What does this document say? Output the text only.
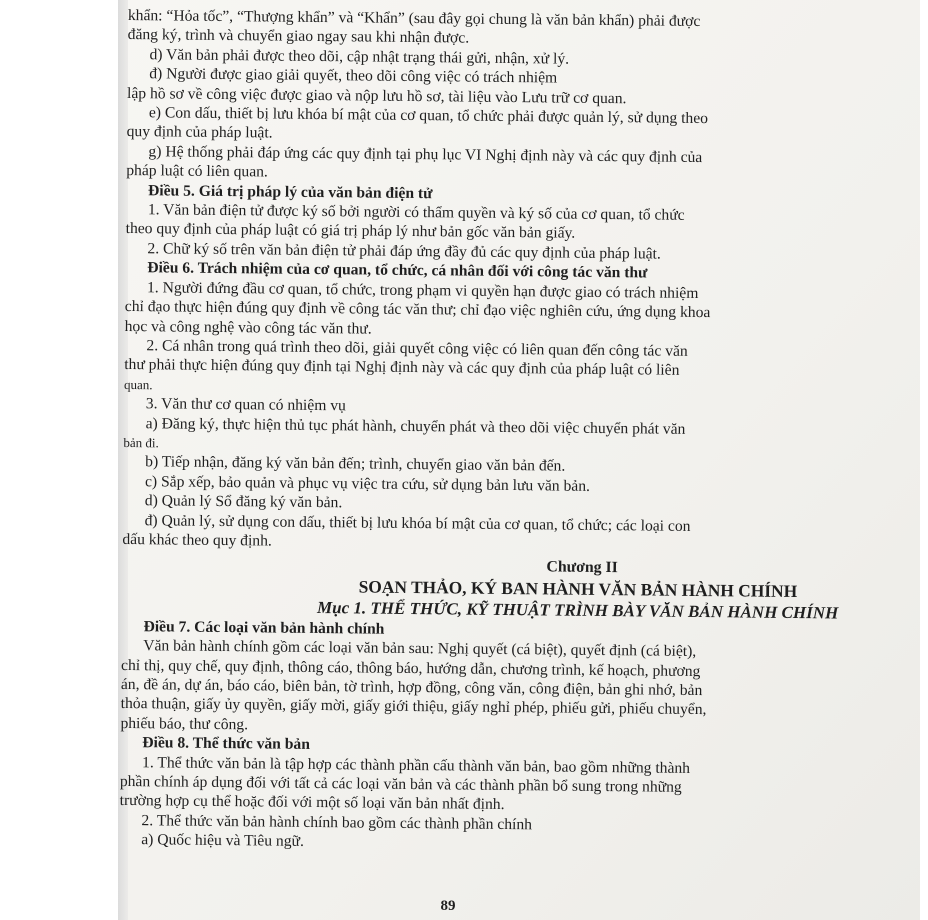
khẩn: “Hỏa tốc”, “Thượng khẩn” và “Khẩn” (sau đây gọi chung là văn bản khẩn) phải được

đăng ký, trình và chuyển giao ngay sau khi nhận được.

d) Văn bản phải được theo dõi, cập nhật trạng thái gửi, nhận, xử lý.

đ) Người được giao giải quyết, theo dõi công việc có trách nhiệm

lập hồ sơ về công việc được giao và nộp lưu hồ sơ, tài liệu vào Lưu trữ cơ quan.

e) Con dấu, thiết bị lưu khóa bí mật của cơ quan, tổ chức phải được quản lý, sử dụng theo

quy định của pháp luật.

g) Hệ thống phải đáp ứng các quy định tại phụ lục VI Nghị định này và các quy định của

pháp luật có liên quan.

Điều 5. Giá trị pháp lý của văn bản điện tử

1. Văn bản điện tử được ký số bởi người có thẩm quyền và ký số của cơ quan, tổ chức

theo quy định của pháp luật có giá trị pháp lý như bản gốc văn bản giấy.

2. Chữ ký số trên văn bản điện tử phải đáp ứng đầy đủ các quy định của pháp luật.

Điều 6. Trách nhiệm của cơ quan, tổ chức, cá nhân đối với công tác văn thư

1. Người đứng đầu cơ quan, tổ chức, trong phạm vi quyền hạn được giao có trách nhiệm

chỉ đạo thực hiện đúng quy định về công tác văn thư; chỉ đạo việc nghiên cứu, ứng dụng khoa

học và công nghệ vào công tác văn thư.

2. Cá nhân trong quá trình theo dõi, giải quyết công việc có liên quan đến công tác văn

thư phải thực hiện đúng quy định tại Nghị định này và các quy định của pháp luật có liên

quan.

3. Văn thư cơ quan có nhiệm vụ

a) Đăng ký, thực hiện thủ tục phát hành, chuyển phát và theo dõi việc chuyển phát văn

bản đi.

b) Tiếp nhận, đăng ký văn bản đến; trình, chuyển giao văn bản đến.

c) Sắp xếp, bảo quản và phục vụ việc tra cứu, sử dụng bản lưu văn bản.

d) Quản lý Sổ đăng ký văn bản.

đ) Quản lý, sử dụng con dấu, thiết bị lưu khóa bí mật của cơ quan, tổ chức; các loại con

dấu khác theo quy định.

Chương II

SOẠN THẢO, KÝ BAN HÀNH VĂN BẢN HÀNH CHÍNH

Mục 1. THỂ THỨC, KỸ THUẬT TRÌNH BÀY VĂN BẢN HÀNH CHÍNH

Điều 7. Các loại văn bản hành chính

Văn bản hành chính gồm các loại văn bản sau: Nghị quyết (cá biệt), quyết định (cá biệt),

chỉ thị, quy chế, quy định, thông cáo, thông báo, hướng dẫn, chương trình, kế hoạch, phương

án, đề án, dự án, báo cáo, biên bản, tờ trình, hợp đồng, công văn, công điện, bản ghi nhớ, bản

thỏa thuận, giấy ủy quyền, giấy mời, giấy giới thiệu, giấy nghỉ phép, phiếu gửi, phiếu chuyển,

phiếu báo, thư công.

Điều 8. Thể thức văn bản

1. Thể thức văn bản là tập hợp các thành phần cấu thành văn bản, bao gồm những thành

phần chính áp dụng đối với tất cả các loại văn bản và các thành phần bổ sung trong những

trường hợp cụ thể hoặc đối với một số loại văn bản nhất định.

2. Thể thức văn bản hành chính bao gồm các thành phần chính

a) Quốc hiệu và Tiêu ngữ.

89
